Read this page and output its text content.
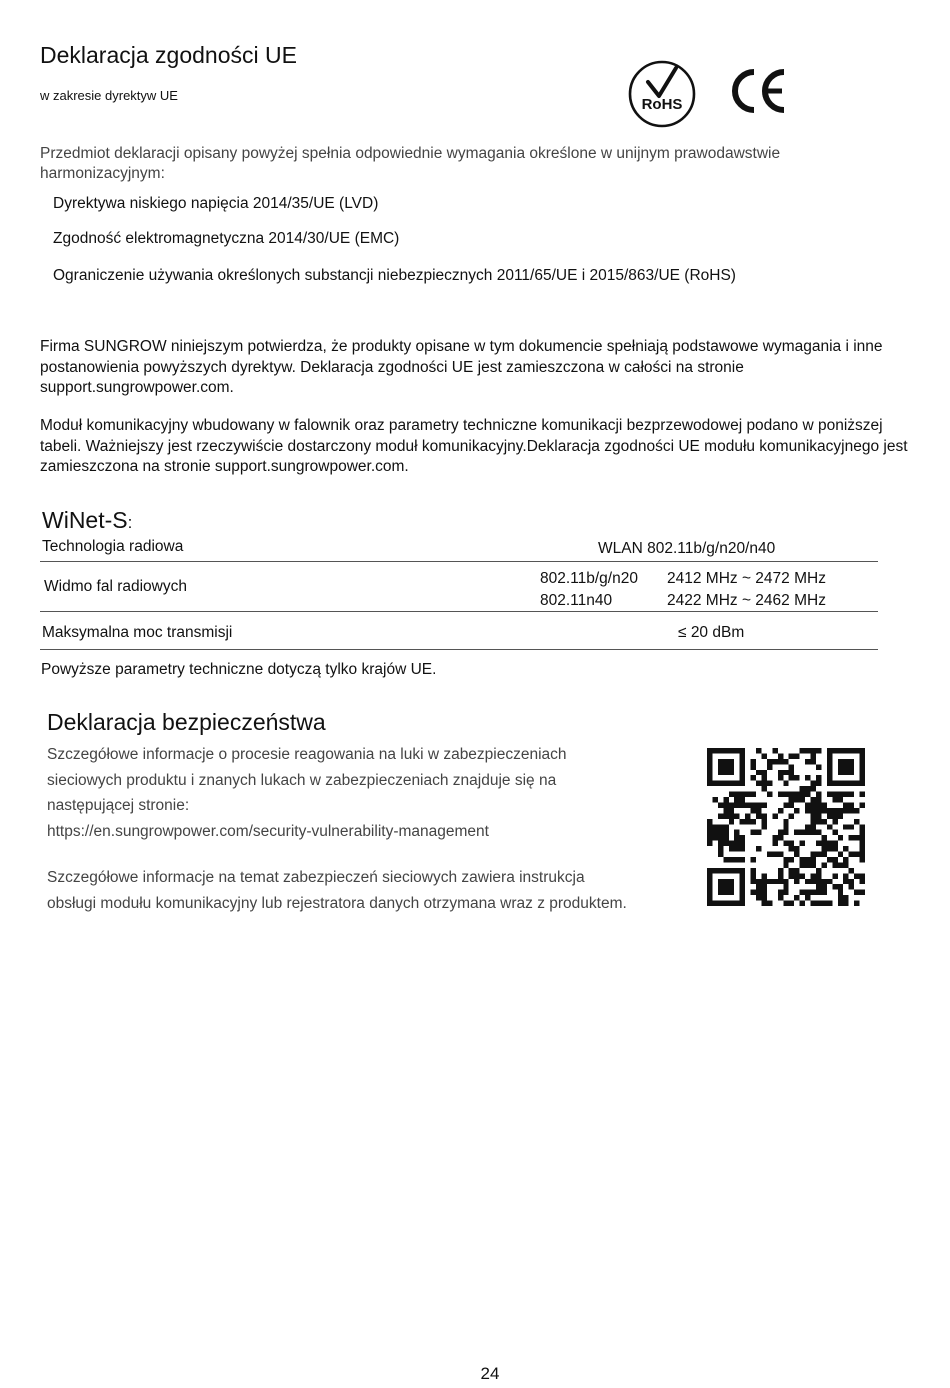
Deklaracja zgodności UE
w zakresie dyrektyw UE
RoHS
Przedmiot deklaracji opisany powyżej spełnia odpowiednie wymagania określone w unijnym prawodawstwie harmonizacyjnym:
Dyrektywa niskiego napięcia 2014/35/UE (LVD)
Zgodność elektromagnetyczna 2014/30/UE (EMC)
Ograniczenie używania określonych substancji niebezpiecznych 2011/65/UE i 2015/863/UE (RoHS)
Firma SUNGROW niniejszym potwierdza, że produkty opisane w tym dokumencie spełniają podstawowe wymagania i inne postanowienia powyższych dyrektyw. Deklaracja zgodności UE jest zamieszczona w całości na stronie support.sungrowpower.com.
Moduł komunikacyjny wbudowany w falownik oraz parametry techniczne komunikacji bezprzewodowej podano w poniższej tabeli. Ważniejszy jest rzeczywiście dostarczony moduł komunikacyjny.Deklaracja zgodności UE modułu komunikacyjnego jest zamieszczona na stronie support.sungrowpower.com.
WiNet-S:
Technologia radiowa	WLAN 802.11b/g/n20/n40
Widmo fal radiowych	802.11b/g/n20 2412 MHz ~ 2472 MHz
802.11n40	2422 MHz ~ 2462 MHz
Maksymalna moc transmisji	≤ 20 dBm
Powyższe parametry techniczne dotyczą tylko krajów UE.
Deklaracja bezpieczeństwa
Szczegółowe informacje o procesie reagowania na luki w zabezpieczeniach
sieciowych produktu i znanych lukach w zabezpieczeniach znajduje się na
następującej stronie:
https://en.sungrowpower.com/security-vulnerability-management
Szczegółowe informacje na temat zabezpieczeń sieciowych zawiera instrukcja
obsługi modułu komunikacyjny lub rejestratora danych otrzymana wraz z produktem.
24
